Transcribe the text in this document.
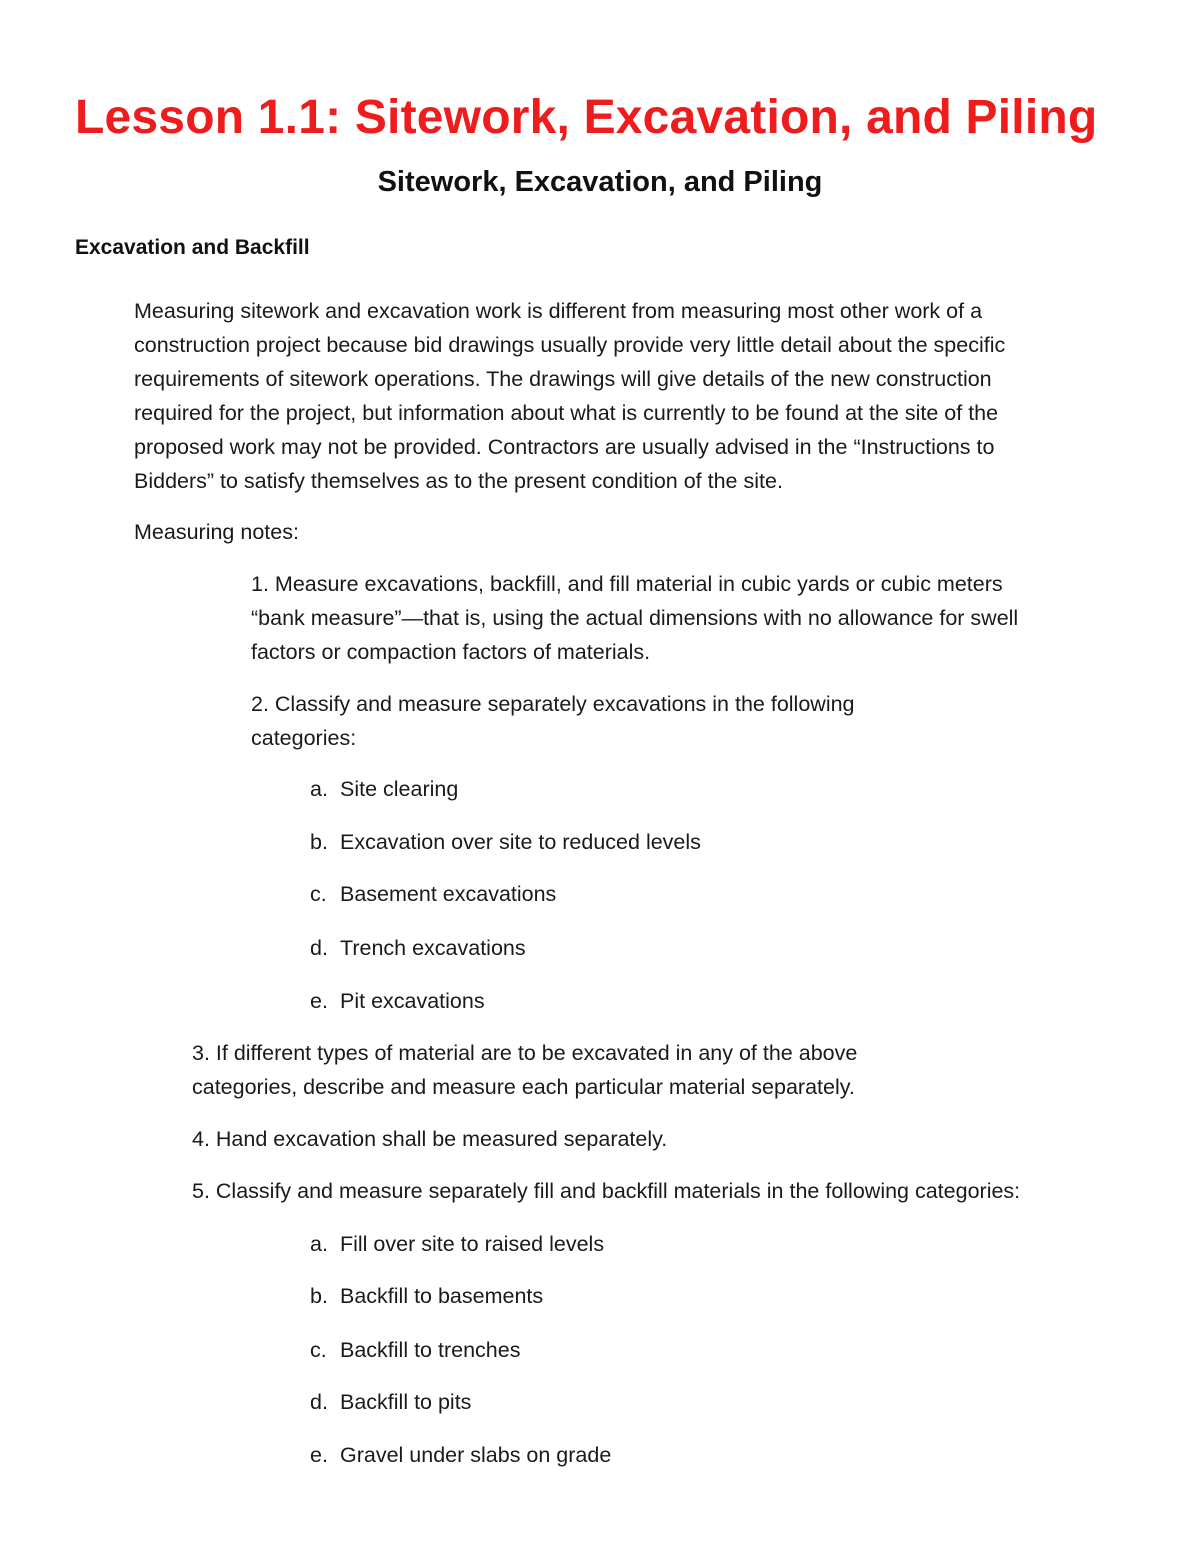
Lesson 1.1: Sitework, Excavation, and Piling
Sitework, Excavation, and Piling
Excavation and Backfill

Measuring sitework and excavation work is different from measuring most other work of a
construction project because bid drawings usually provide very little detail about the specific
requirements of sitework operations. The drawings will give details of the new construction
required for the project, but information about what is currently to be found at the site of the
proposed work may not be provided. Contractors are usually advised in the “Instructions to
Bidders” to satisfy themselves as to the present condition of the site.

Measuring notes:

1. Measure excavations, backfill, and fill material in cubic yards or cubic meters
“bank measure”—that is, using the actual dimensions with no allowance for swell
factors or compaction factors of materials.
2. Classify and measure separately excavations in the following
categories:

a. Site clearing

b. Excavation over site to reduced levels

c. Basement excavations

d. Trench excavations

e. Pit excavations

3. If different types of material are to be excavated in any of the above
categories, describe and measure each particular material separately.

4. Hand excavation shall be measured separately.

5. Classify and measure separately fill and backfill materials in the following categories:

a. Fill over site to raised levels

b. Backfill to basements

c. Backfill to trenches

d. Backfill to pits

e. Gravel under slabs on grade
